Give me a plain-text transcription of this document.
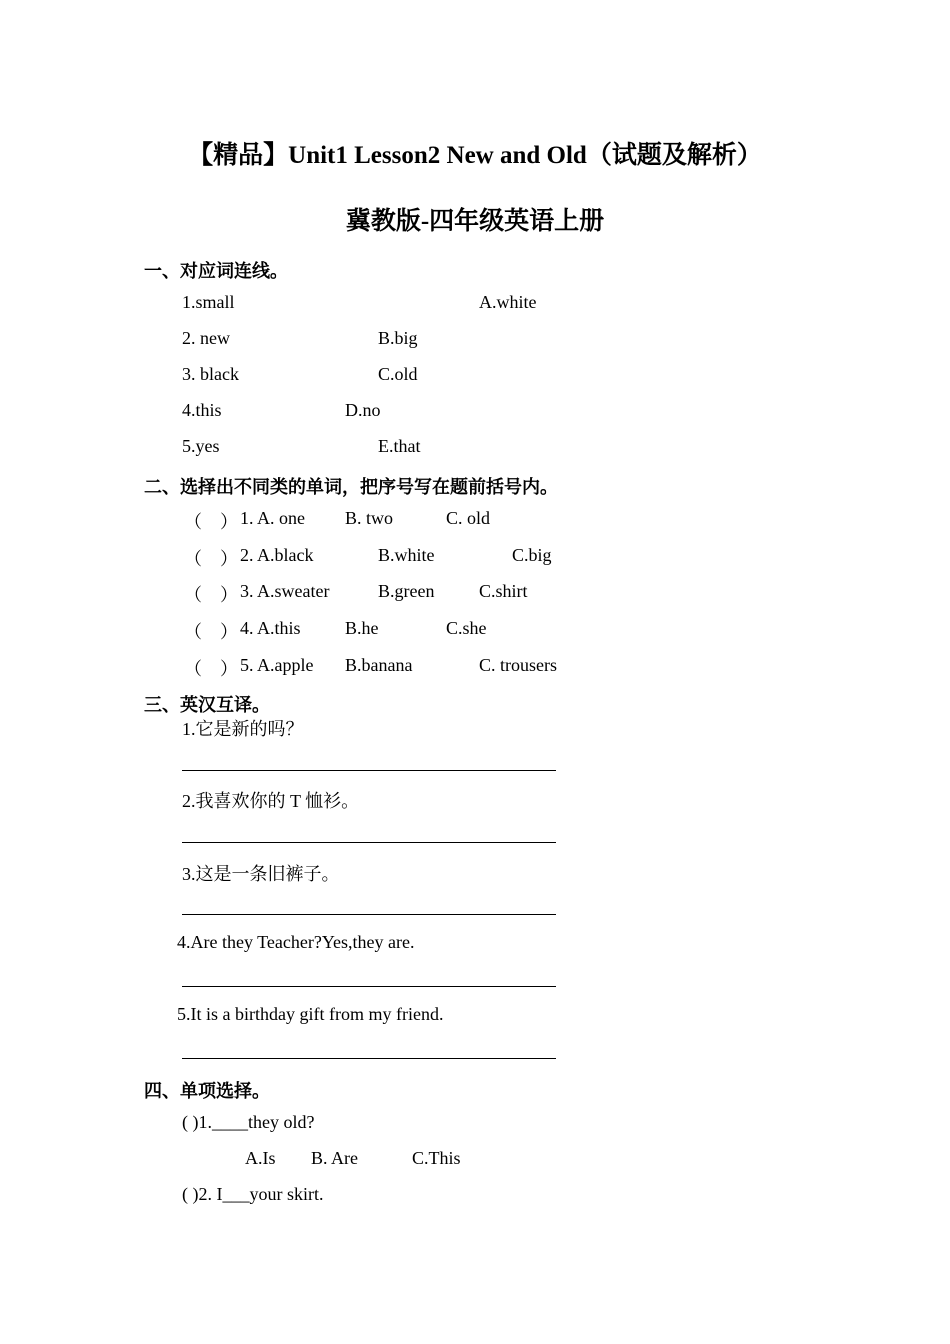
【精品】Unit1 Lesson2 New and Old（试题及解析）
冀教版-四年级英语上册
一、对应词连线。
1.small	A.white
2. new	B.big
3. black	C.old
4.this	D.no
5.yes	E.that
二、选择出不同类的单词，把序号写在题前括号内。
（　） 1. A. one B. two	C. old
（　） 2. A.black	B.white	C.big
（　） 3. A.sweater	B.green C.shirt
（　） 4. A.this B.he	C.she
（　） 5. A.apple B.banana	C. trousers
三、英汉互译。
1.它是新的吗？
2.我喜欢你的 T 恤衫。
3.这是一条旧裤子。
4.Are they Teacher?Yes,they are.
5.It is a birthday gift from my friend.
四、单项选择。
( )1.____they old?
A.Is B. Are	C.This
( )2. I___your skirt.
